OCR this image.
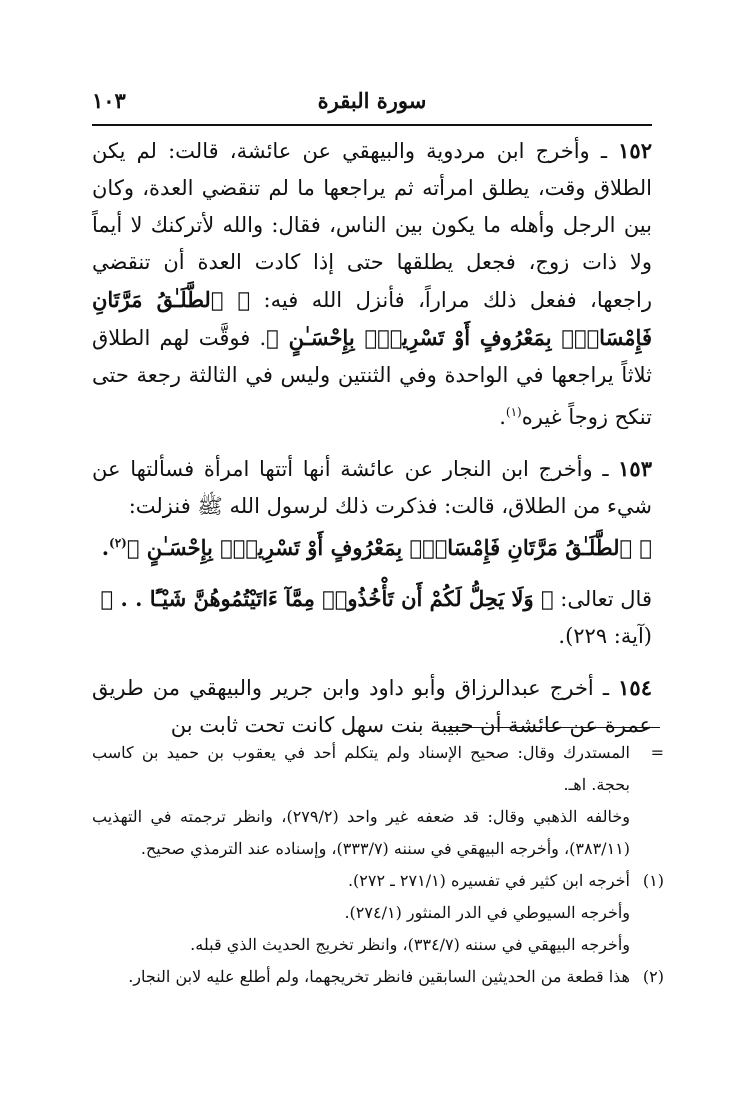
سورة البقرة
١٠٣

١٥٢ ـ وأخرج ابن مردوية والبيهقي عن عائشة، قالت: لم يكن الطلاق وقت، يطلق امرأته ثم يراجعها ما لم تنقضي العدة، وكان بين الرجل وأهله ما يكون بين الناس، فقال: والله لأتركنك لا أيماً ولا ذات زوج، فجعل يطلقها حتى إذا كادت العدة أن تنقضي راجعها، ففعل ذلك مراراً، فأنزل الله فيه: ﴿ ٱلطَّلَـٰقُ مَرَّتَانِ فَإِمْسَاكٌۢ بِمَعْرُوفٍ أَوْ تَسْرِيحٌۢ بِإِحْسَـٰنٍ ﴾. فوقَّت لهم الطلاق ثلاثاً يراجعها في الواحدة وفي الثنتين وليس في الثالثة رجعة حتى تنكح زوجاً غيره$^{(١)}$.

١٥٣ ـ وأخرج ابن النجار عن عائشة أنها أتتها امرأة فسألتها عن شيء من الطلاق، قالت: فذكرت ذلك لرسول الله ﷺ فنزلت:

﴿ ٱلطَّلَـٰقُ مَرَّتَانِ فَإِمْسَاكٌۢ بِمَعْرُوفٍ أَوْ تَسْرِيحٌۢ بِإِحْسَـٰنٍ ﴾$^{(٢)}$.

قال تعالى: ﴿ وَلَا يَحِلُّ لَكُمْ أَن تَأْخُذُوا۟ مِمَّآ ءَاتَيْتُمُوهُنَّ شَيْـًٔا . . ﴾

(آية: ٢٢٩).

١٥٤ ـ أخرج عبدالرزاق وأبو داود وابن جرير والبيهقي من طريق عمرة عن عائشة أن حبيبة بنت سهل كانت تحت ثابت بن

=
المستدرك وقال: صحيح الإسناد ولم يتكلم أحد في يعقوب بن حميد بن كاسب بحجة. اهـ.
وخالفه الذهبي وقال: قد ضعفه غير واحد (٢٧٩/٢)، وانظر ترجمته في التهذيب (٣٨٣/١١)، وأخرجه البيهقي في سننه (٣٣٣/٧)، وإسناده عند الترمذي صحيح.
(١)
أخرجه ابن كثير في تفسيره (٢٧١/١ ـ ٢٧٢).
وأخرجه السيوطي في الدر المنثور (٢٧٤/١).
وأخرجه البيهقي في سننه (٣٣٤/٧)، وانظر تخريج الحديث الذي قبله.
(٢)
هذا قطعة من الحديثين السابقين فانظر تخريجهما، ولم أطلع عليه لابن النجار.
